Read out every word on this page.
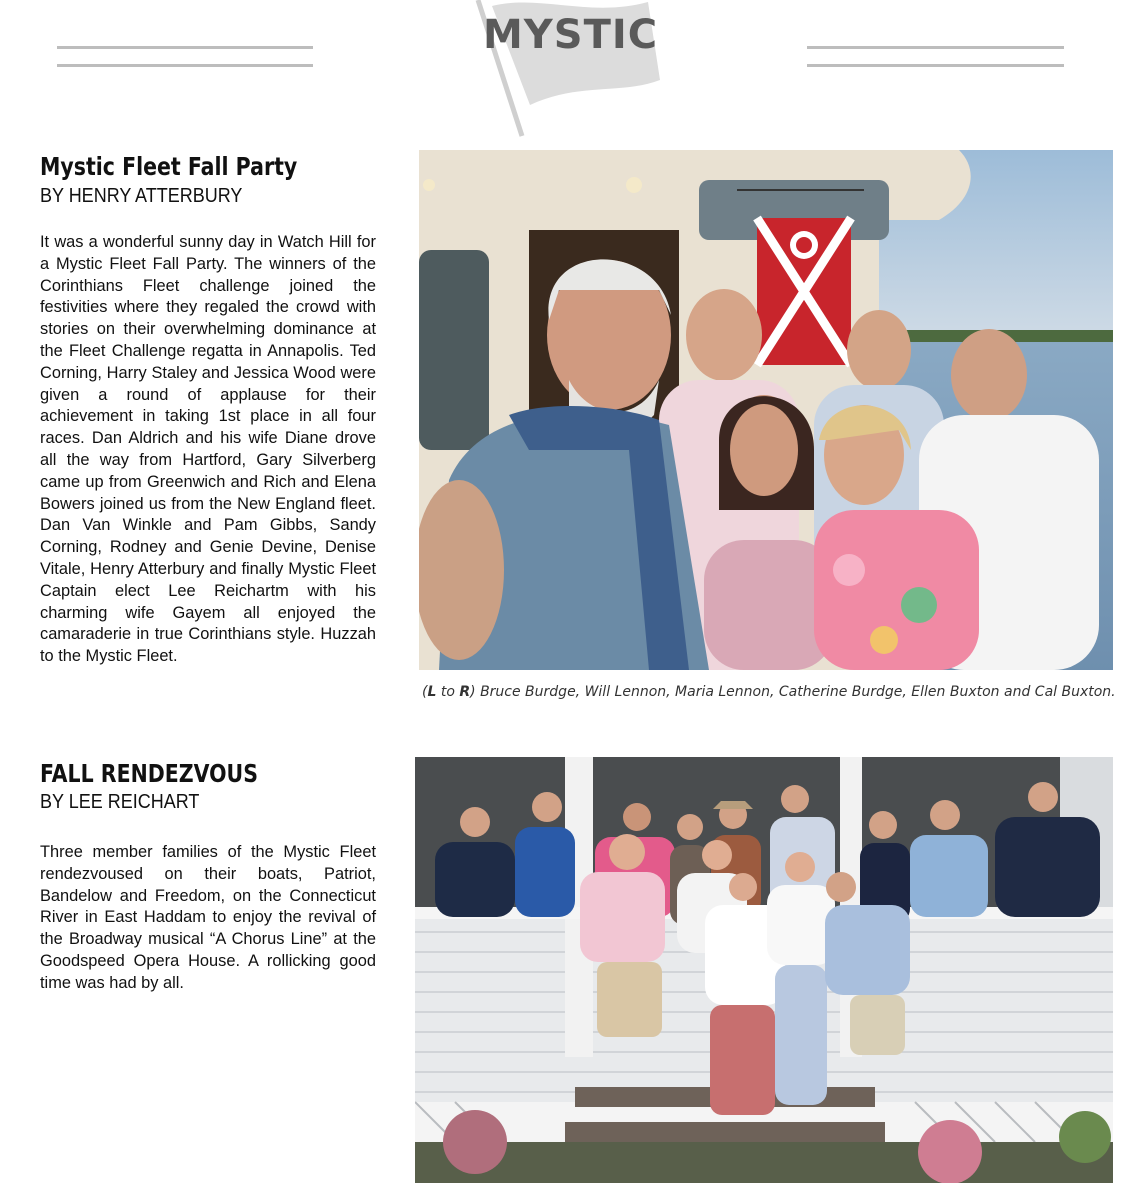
MYSTIC
Mystic Fleet Fall Party

BY HENRY ATTERBURY

It was a wonderful sunny day in Watch Hill for a Mystic Fleet Fall Party. The winners of the Corinthians Fleet challenge joined the festivities where they regaled the crowd with stories on their overwhelming dominance at the Fleet Challenge regatta in Annapolis. Ted Corning, Harry Staley and Jessica Wood were given a round of applause for their achievement in taking 1st place in all four races. Dan Aldrich and his wife Diane drove all the way from Hartford, Gary Silverberg came up from Greenwich and Rich and Elena Bowers joined us from the New England fleet. Dan Van Winkle and Pam Gibbs, Sandy Corning, Rodney and Genie Devine, Denise Vitale, Henry Atterbury and finally Mystic Fleet Captain elect Lee Reichartm with his charming wife Gayem all enjoyed the camaraderie in true Corinthians style. Huzzah to the Mystic Fleet.

(L to R) Bruce Burdge, Will Lennon, Maria Lennon, Catherine Burdge, Ellen Buxton and Cal Buxton.

FALL RENDEZVOUS

BY LEE REICHART

Three member families of the Mystic Fleet rendezvoused on their boats, Patriot, Bandelow and Freedom, on the Connecticut River in East Haddam to enjoy the revival of the Broadway musical “A Chorus Line” at the Goodspeed Opera House. A rollicking good time was had by all.
